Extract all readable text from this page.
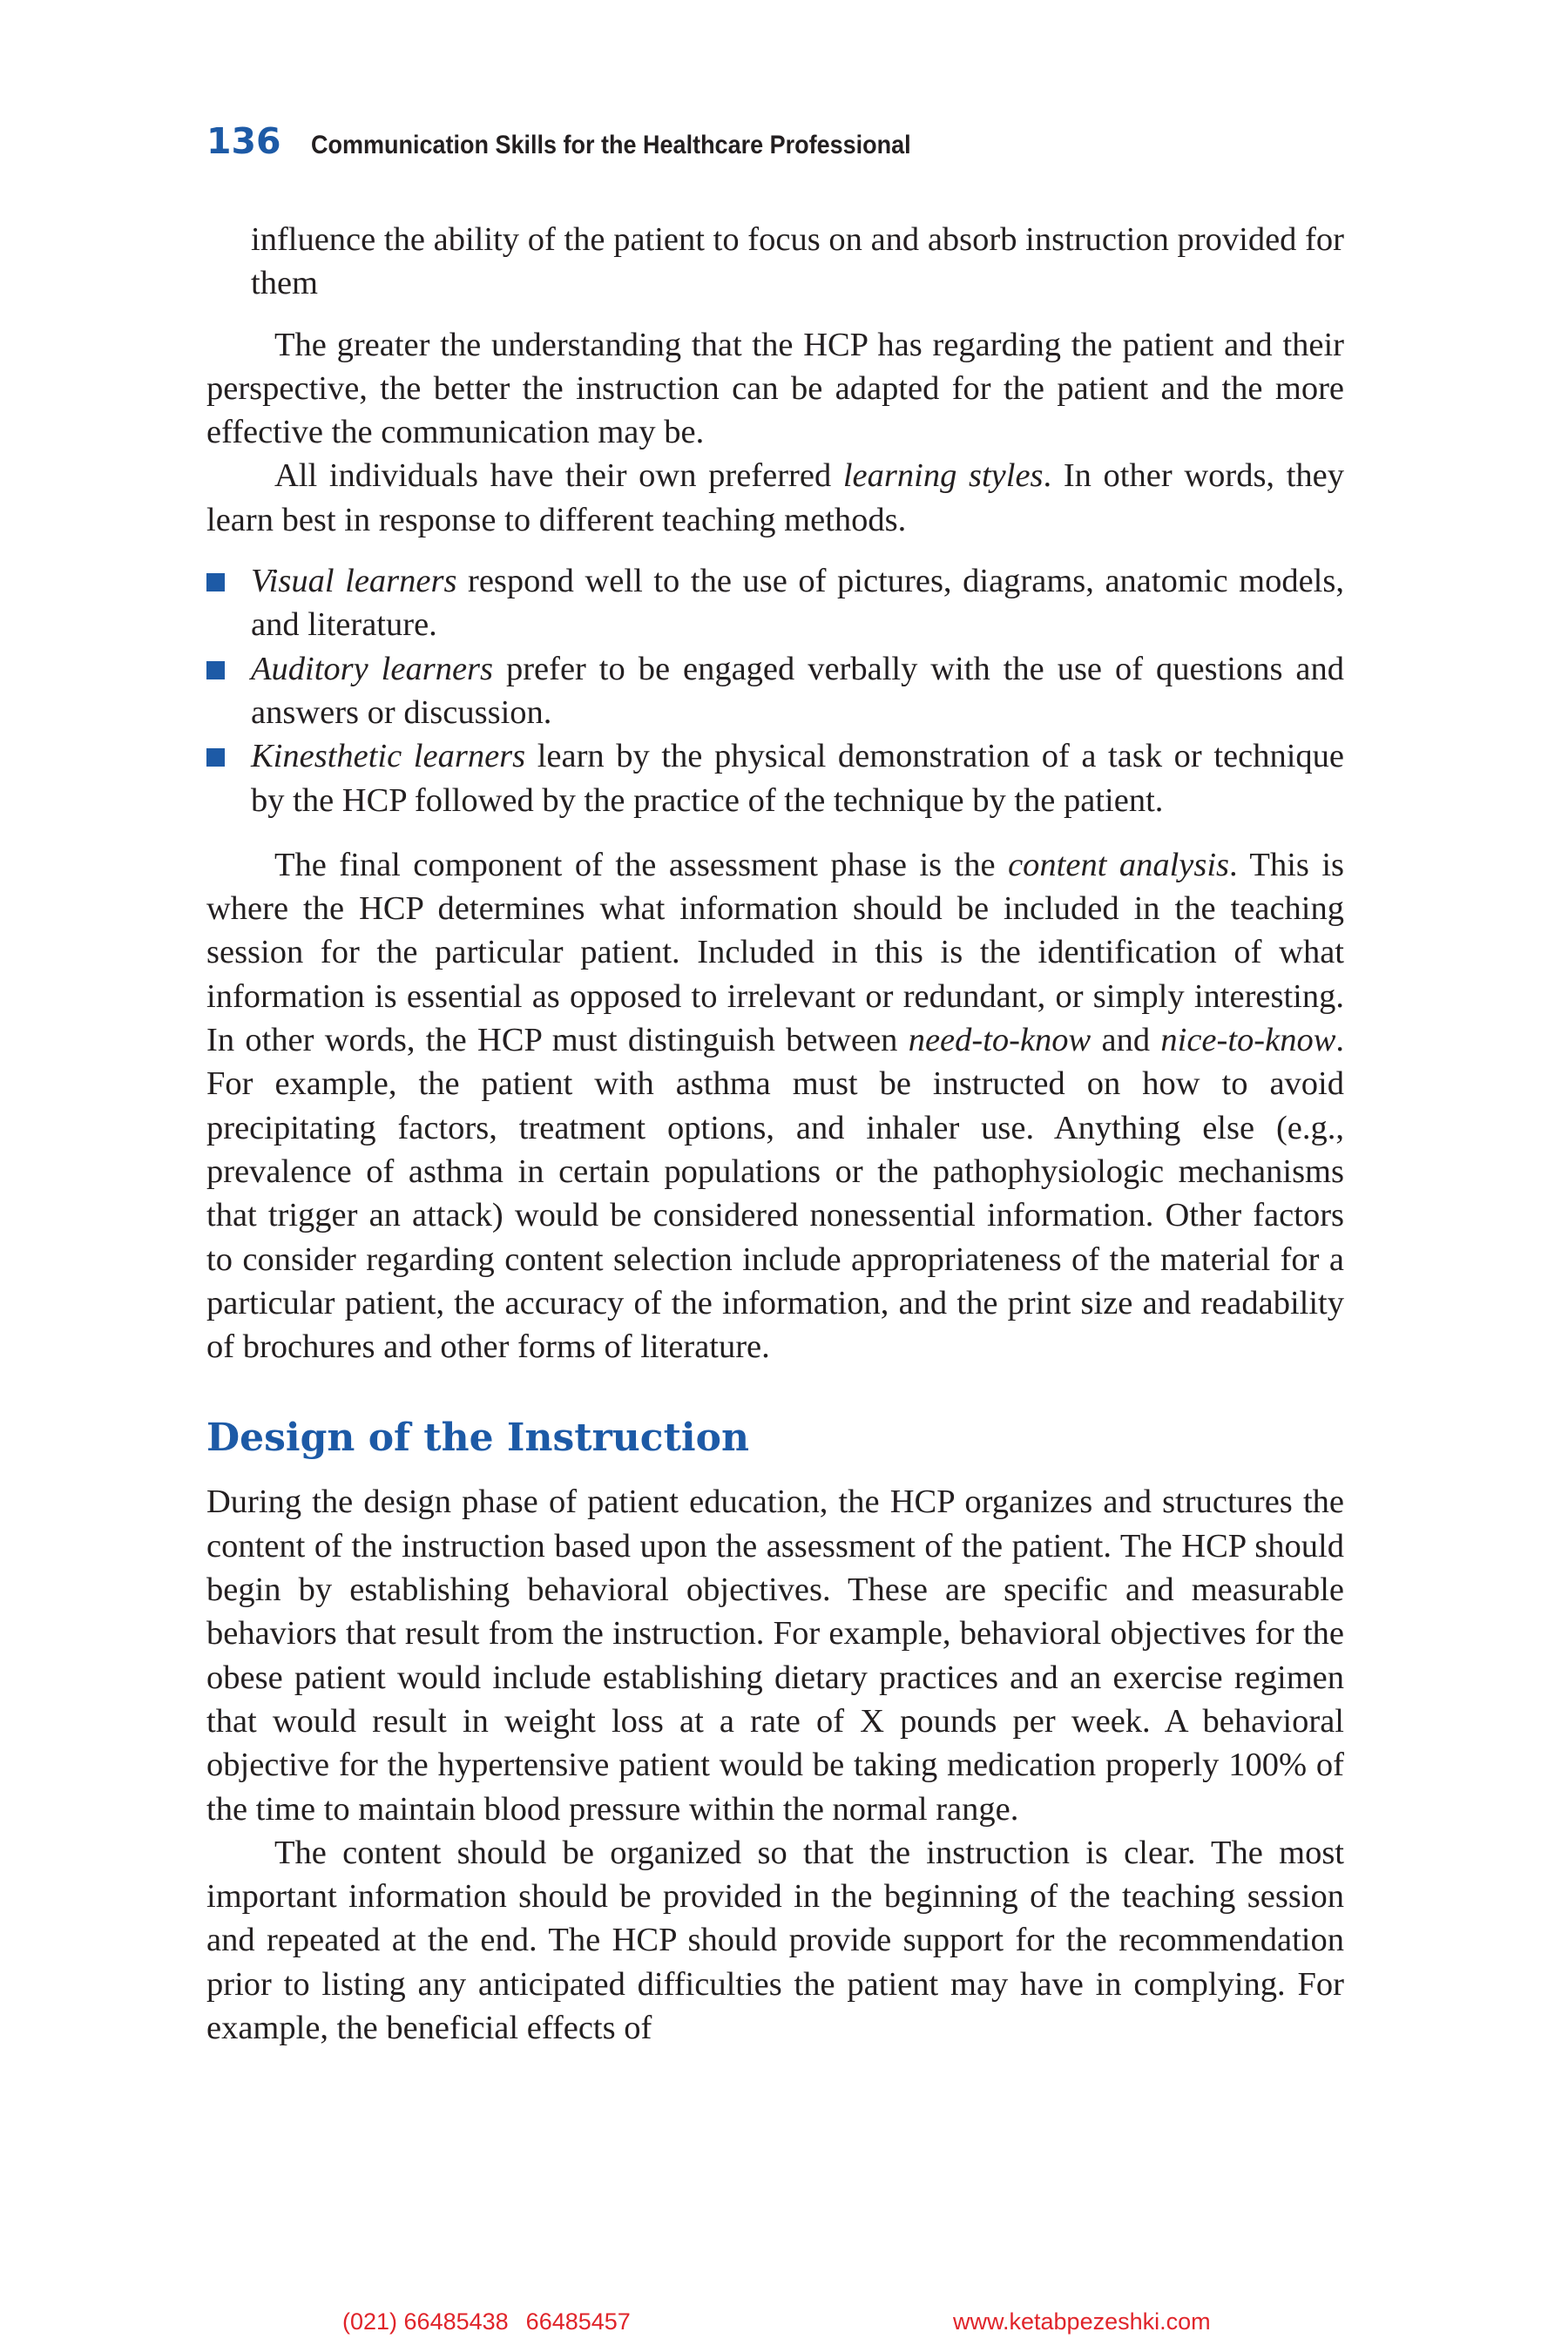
136 Communication Skills for the Healthcare Professional

influence the ability of the patient to focus on and absorb instruction provided for them

The greater the understanding that the HCP has regarding the patient and their perspective, the better the instruction can be adapted for the patient and the more effective the communication may be.

All individuals have their own preferred learning styles. In other words, they learn best in response to different teaching methods.

Visual learners respond well to the use of pictures, diagrams, anatomic models, and literature.
Auditory learners prefer to be engaged verbally with the use of questions and answers or discussion.
Kinesthetic learners learn by the physical demonstration of a task or technique by the HCP followed by the practice of the technique by the patient.

The final component of the assessment phase is the content analysis. This is where the HCP determines what information should be included in the teaching session for the particular patient. Included in this is the identification of what information is essential as opposed to irrelevant or redundant, or simply interesting. In other words, the HCP must distinguish between need-to-know and nice-to-know. For example, the patient with asthma must be instructed on how to avoid precipitating factors, treatment options, and inhaler use. Anything else (e.g., prevalence of asthma in certain populations or the pathophysiologic mechanisms that trigger an attack) would be considered nonessential information. Other factors to consider regarding content selection include appropriateness of the material for a particular patient, the accuracy of the information, and the print size and readability of brochures and other forms of literature.

Design of the Instruction

During the design phase of patient education, the HCP organizes and structures the content of the instruction based upon the assessment of the patient. The HCP should begin by establishing behavioral objectives. These are specific and measurable behaviors that result from the instruction. For example, behavioral objectives for the obese patient would include establishing dietary practices and an exercise regimen that would result in weight loss at a rate of X pounds per week. A behavioral objective for the hypertensive patient would be taking medication properly 100% of the time to maintain blood pressure within the normal range.

The content should be organized so that the instruction is clear. The most important information should be provided in the beginning of the teaching session and repeated at the end. The HCP should provide support for the recommendation prior to listing any anticipated difficulties the patient may have in complying. For example, the beneficial effects of

(021) 66485438 66485457	www.ketabpezeshki.com
